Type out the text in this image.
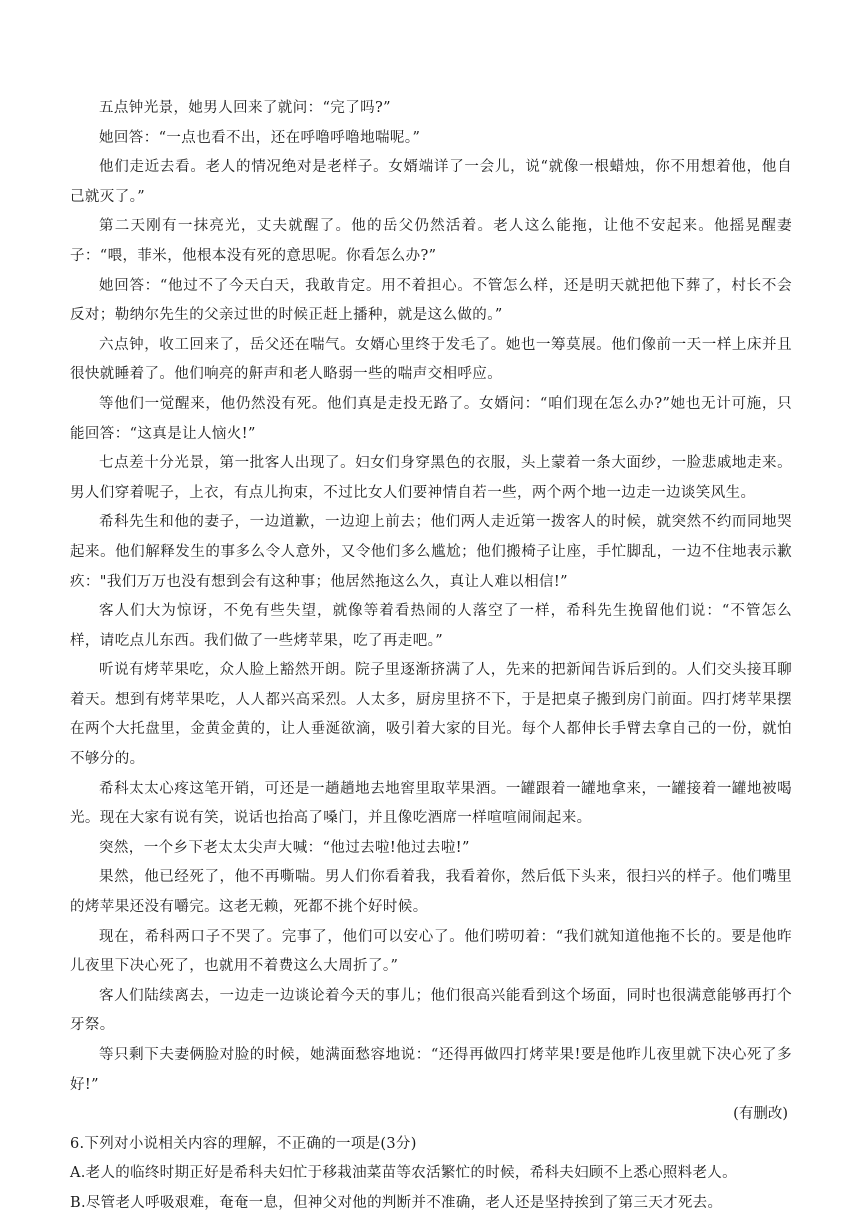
五点钟光景，她男人回来了就问：“完了吗?”

她回答：“一点也看不出，还在呼噜呼噜地喘呢。”

他们走近去看。老人的情况绝对是老样子。女婿端详了一会儿，说“就像一根蜡烛，你不用想着他，他自己就灭了。”

第二天刚有一抹亮光，丈夫就醒了。他的岳父仍然活着。老人这么能拖，让他不安起来。他摇晃醒妻子：“喂，菲米，他根本没有死的意思呢。你看怎么办?”

她回答：“他过不了今天白天，我敢肯定。用不着担心。不管怎么样，还是明天就把他下葬了，村长不会反对；勒纳尔先生的父亲过世的时候正赶上播种，就是这么做的。”

六点钟，收工回来了，岳父还在喘气。女婿心里终于发毛了。她也一筹莫展。他们像前一天一样上床并且很快就睡着了。他们响亮的鼾声和老人略弱一些的喘声交相呼应。

等他们一觉醒来，他仍然没有死。他们真是走投无路了。女婿问：“咱们现在怎么办?”她也无计可施，只能回答：“这真是让人恼火!”

七点差十分光景，第一批客人出现了。妇女们身穿黑色的衣服，头上蒙着一条大面纱，一脸悲戚地走来。男人们穿着呢子，上衣，有点儿拘束，不过比女人们要神情自若一些，两个两个地一边走一边谈笑风生。

希科先生和他的妻子，一边道歉，一边迎上前去；他们两人走近第一拨客人的时候，就突然不约而同地哭起来。他们解释发生的事多么令人意外，又令他们多么尴尬；他们搬椅子让座，手忙脚乱，一边不住地表示歉疚："我们万万也没有想到会有这种事；他居然拖这么久，真让人难以相信!”

客人们大为惊讶，不免有些失望，就像等着看热闹的人落空了一样，希科先生挽留他们说：“不管怎么样，请吃点儿东西。我们做了一些烤苹果，吃了再走吧。”

听说有烤苹果吃，众人脸上豁然开朗。院子里逐渐挤满了人，先来的把新闻告诉后到的。人们交头接耳聊着天。想到有烤苹果吃，人人都兴高采烈。人太多，厨房里挤不下，于是把桌子搬到房门前面。四打烤苹果摆在两个大托盘里，金黄金黄的，让人垂涎欲滴，吸引着大家的目光。每个人都伸长手臂去拿自己的一份，就怕不够分的。

希科太太心疼这笔开销，可还是一趟趟地去地窖里取苹果酒。一罐跟着一罐地拿来，一罐接着一罐地被喝光。现在大家有说有笑，说话也抬高了嗓门，并且像吃酒席一样喧喧闹闹起来。

突然，一个乡下老太太尖声大喊：“他过去啦!他过去啦!”

果然，他已经死了，他不再嘶喘。男人们你看着我，我看着你，然后低下头来，很扫兴的样子。他们嘴里的烤苹果还没有嚼完。这老无赖，死都不挑个好时候。

现在，希科两口子不哭了。完事了，他们可以安心了。他们唠叨着：“我们就知道他拖不长的。要是他昨儿夜里下决心死了，也就用不着费这么大周折了。”

客人们陆续离去，一边走一边谈论着今天的事儿；他们很高兴能看到这个场面，同时也很满意能够再打个牙祭。

等只剩下夫妻俩脸对脸的时候，她满面愁容地说：“还得再做四打烤苹果!要是他昨儿夜里就下决心死了多好!”

(有删改)

6.下列对小说相关内容的理解，不正确的一项是(3分)

A.老人的临终时期正好是希科夫妇忙于移栽油菜苗等农活繁忙的时候，希科夫妇顾不上悉心照料老人。

B.尽管老人呼吸艰难，奄奄一息，但神父对他的判断并不准确，老人还是坚持挨到了第三天才死去。
